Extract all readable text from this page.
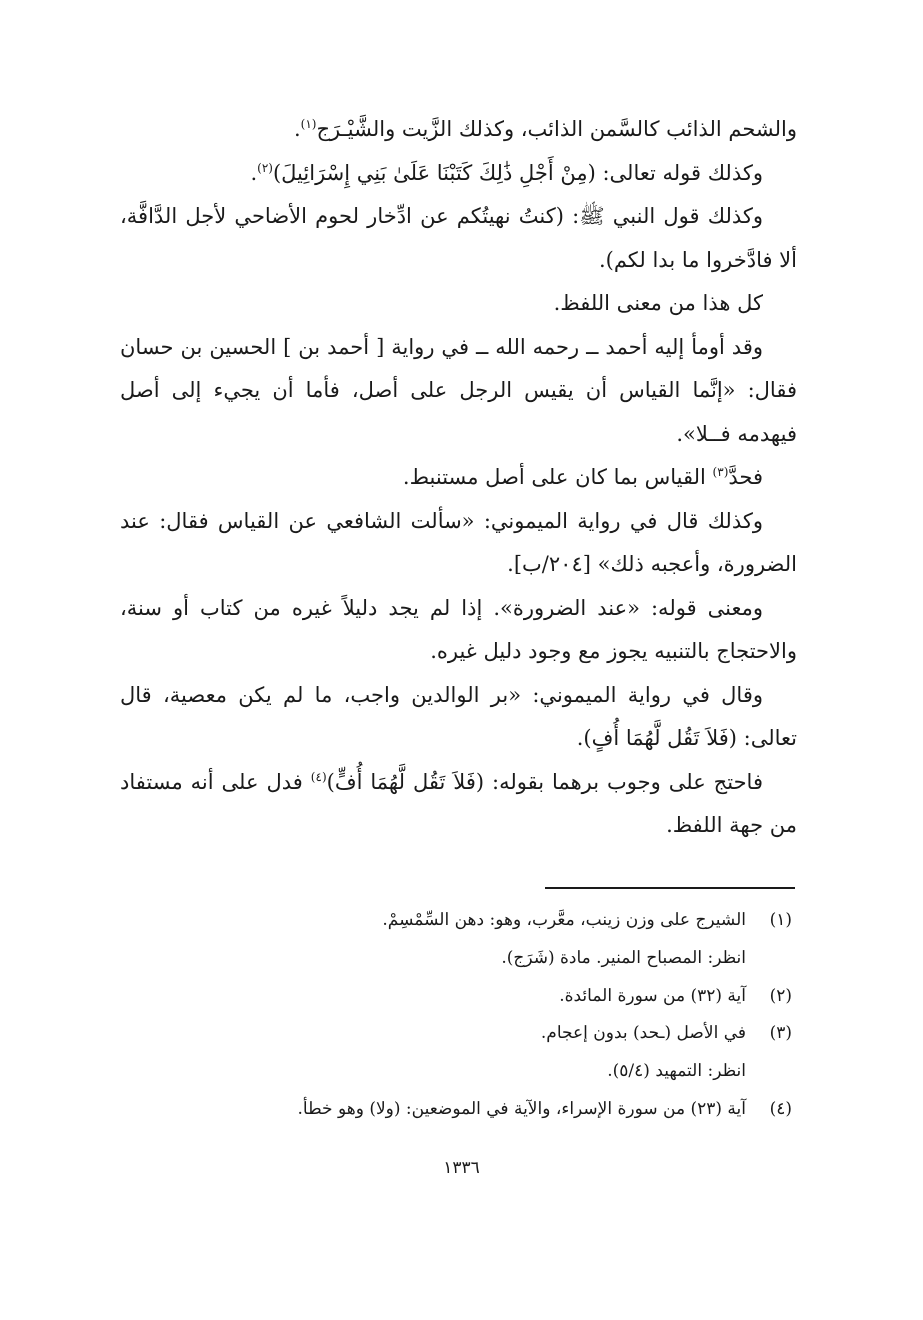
والشحم الذائب كالسَّمن الذائب، وكذلك الزَّيت والشَّيْـرَج$^{(١)}$.

وكذلك قوله تعالى: (مِنْ أَجْلِ ذَٰلِكَ كَتَبْنَا عَلَىٰ بَنِي إِسْرَائِيلَ)$^{(٢)}$.

وكذلك قول النبي ﷺ: (كنتُ نهيتُكم عن ادِّخار لحوم الأضاحي لأجل الدَّافَّة، ألا فادَّخروا ما بدا لكم).

كل هذا من معنى اللفظ.

وقد أومأ إليه أحمد ــ رحمه الله ــ في رواية [ أحمد بن ] الحسين بن حسان فقال: «إنَّما القياس أن يقيس الرجل على أصل، فأما أن يجيء إلى أصل فيهدمه فــلا».

فحدَّ$^{(٣)}$ القياس بما كان على أصل مستنبط.

وكذلك قال في رواية الميموني: «سألت الشافعي عن القياس فقال: عند الضرورة، وأعجبه ذلك» [٢٠٤/ب].

ومعنى قوله: «عند الضرورة». إذا لم يجد دليلاً غيره من كتاب أو سنة، والاحتجاج بالتنبيه يجوز مع وجود دليل غيره.

وقال في رواية الميموني: «بر الوالدين واجب، ما لم يكن معصية، قال تعالى: (فَلاَ تَقُل لَّهُمَا أُفٍ).

فاحتج على وجوب برهما بقوله: (فَلاَ تَقُل لَّهُمَا أُفٍّ)$^{(٤)}$ فدل على أنه مستفاد من جهة اللفظ.

(١)
الشيرج على وزن زينب، معَّرب، وهو: دهن السِّمْسِمْ.
انظر: المصباح المنير. مادة (شَرَج).
(٢)
آية (٣٢) من سورة المائدة.
(٣)
في الأصل (ـحد) بدون إعجام.
انظر: التمهيد (٥/٤).
(٤)
آية (٢٣) من سورة الإسراء، والآية في الموضعين: (ولا) وهو خطأ.
١٣٣٦
